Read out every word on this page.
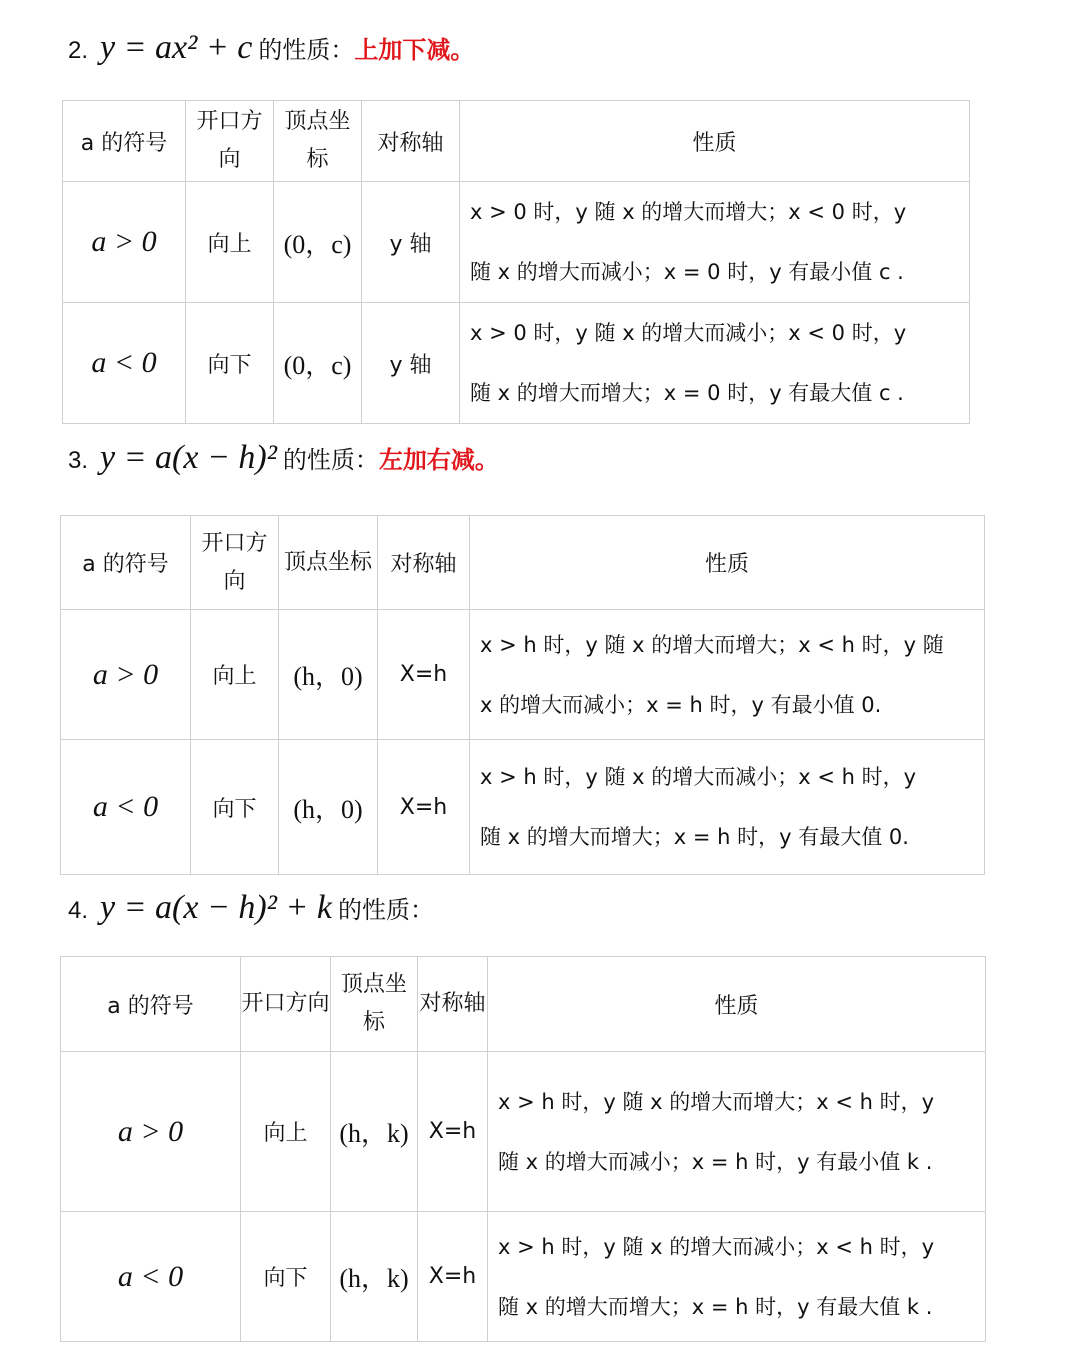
2. y = ax² + c 的性质： 上加下减。
a 的符号	开口方向	顶点坐标	对称轴	性质
a > 0	向上	(0，c)	y 轴	x > 0 时，y 随 x 的增大而增大；x < 0 时，y
随 x 的增大而减小；x = 0 时，y 有最小值 c .

a < 0	向下	(0，c)	y 轴	x > 0 时，y 随 x 的增大而减小；x < 0 时，y
随 x 的增大而增大；x = 0 时，y 有最大值 c .
3. y = a(x − h)² 的性质： 左加右减。
a 的符号	开口方向	顶点坐标	对称轴	性质
a > 0	向上	(h，0)	X=h	x > h 时，y 随 x 的增大而增大；x < h 时，y 随
x 的增大而减小；x = h 时，y 有最小值 0.

a < 0	向下	(h，0)	X=h	x > h 时，y 随 x 的增大而减小；x < h 时，y
随 x 的增大而增大；x = h 时，y 有最大值 0.
4. y = a(x − h)² + k 的性质：
a 的符号	开口方向	顶点坐标	对称轴	性质
a > 0	向上	(h，k)	X=h	x > h 时，y 随 x 的增大而增大；x < h 时，y
随 x 的增大而减小；x = h 时，y 有最小值 k .

a < 0	向下	(h，k)	X=h	x > h 时，y 随 x 的增大而减小；x < h 时，y
随 x 的增大而增大；x = h 时，y 有最大值 k .
